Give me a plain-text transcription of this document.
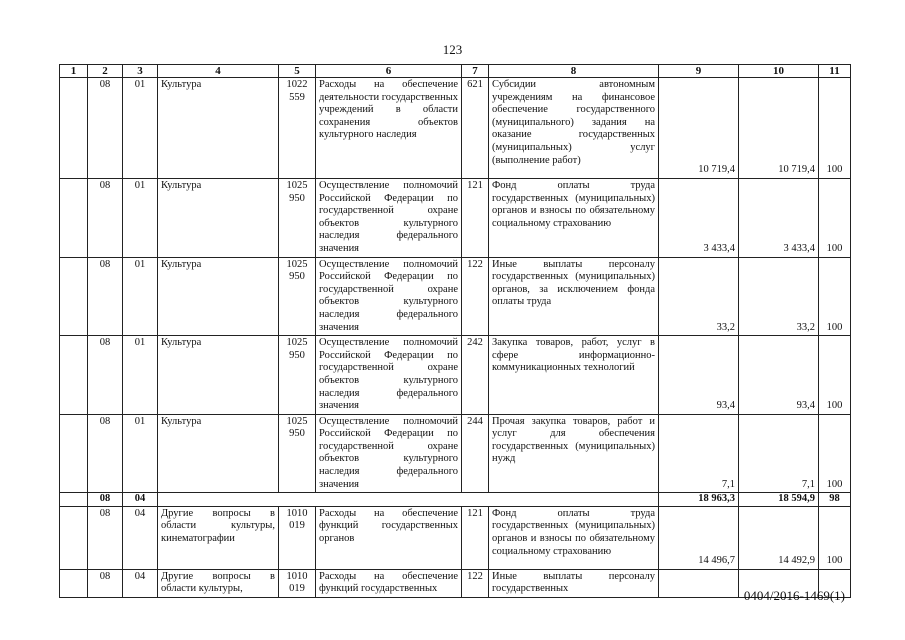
123
1	2	3	4	5	6	7	8	9	10	11
	08	01	Культура	1022 559	Расходы на обеспечение деятельности государственных учреждений в области сохранения объектов культурного наследия	621	Субсидии автономным учреждениям на финансовое обеспечение государственного (муниципального) задания на оказание государственных (муниципальных) услуг (выполнение работ)	10 719,4	10 719,4	100
	08	01	Культура	1025 950	Осуществление полномочий Российской Федерации по государственной охране объектов культурного наследия федерального значения	121	Фонд оплаты труда государственных (муниципальных) органов и взносы по обязательному социальному страхованию	3 433,4	3 433,4	100
	08	01	Культура	1025 950	Осуществление полномочий Российской Федерации по государственной охране объектов культурного наследия федерального значения	122	Иные выплаты персоналу государственных (муниципальных) органов, за исключением фонда оплаты труда	33,2	33,2	100
	08	01	Культура	1025 950	Осуществление полномочий Российской Федерации по государственной охране объектов культурного наследия федерального значения	242	Закупка товаров, работ, услуг в сфере информационно-коммуникационных технологий	93,4	93,4	100
	08	01	Культура	1025 950	Осуществление полномочий Российской Федерации по государственной охране объектов культурного наследия федерального значения	244	Прочая закупка товаров, работ и услуг для обеспечения государственных (муниципальных) нужд	7,1	7,1	100
	08	04						18 963,3	18 594,9	98
	08	04	Другие вопросы в области культуры, кинематографии	1010 019	Расходы на обеспечение функций государственных органов	121	Фонд оплаты труда государственных (муниципальных) органов и взносы по обязательному социальному страхованию	14 496,7	14 492,9	100
	08	04	Другие вопросы в области культуры,	1010 019	Расходы на обеспечение функций государственных	122	Иные выплаты персоналу государственных				0404/2016-1469(1)
